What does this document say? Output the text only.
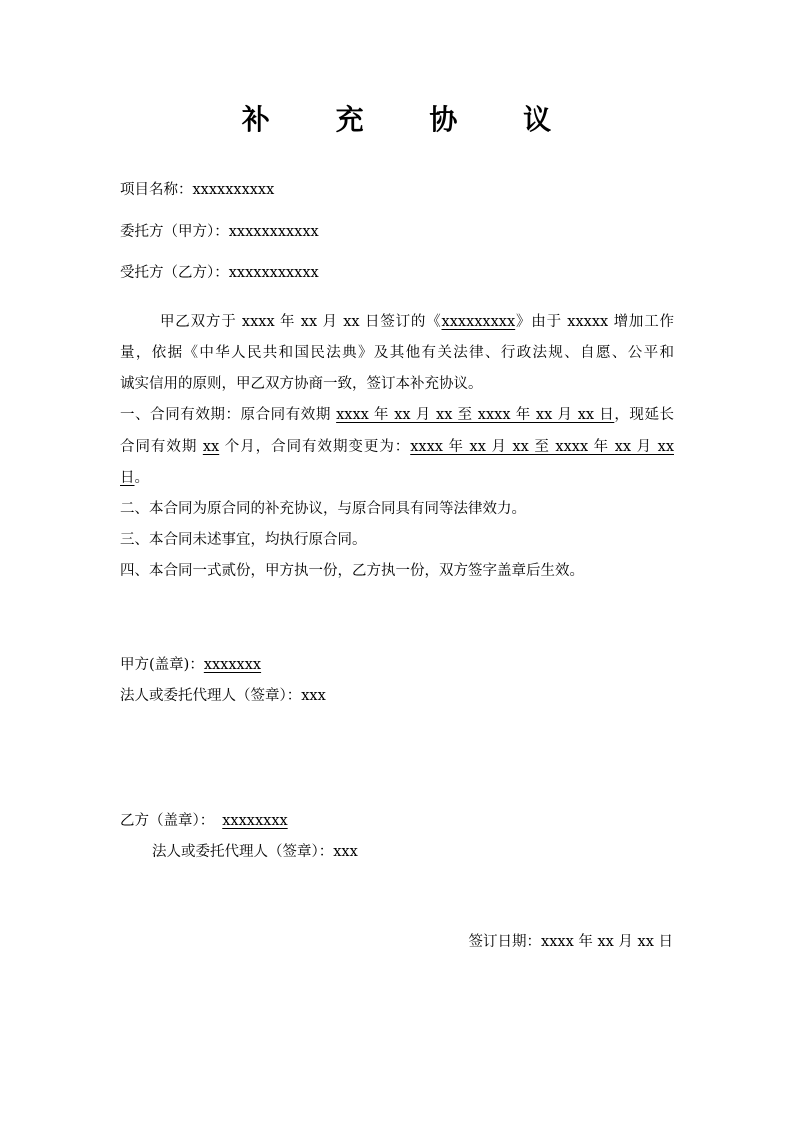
补 充 协 议
项目名称：xxxxxxxxxx
委托方（甲方）：xxxxxxxxxxx
受托方（乙方）：xxxxxxxxxxx
甲乙双方于 xxxx 年 xx 月 xx 日签订的《xxxxxxxxx》由于 xxxxx 增加工作
量，依据《中华人民共和国民法典》及其他有关法律、行政法规、自愿、公平和
诚实信用的原则，甲乙双方协商一致，签订本补充协议。
一、合同有效期：原合同有效期 xxxx 年 xx 月 xx 至 xxxx 年 xx 月 xx 日，现延长
合同有效期 xx 个月，合同有效期变更为：xxxx 年 xx 月 xx 至 xxxx 年 xx 月 xx
日。
二、本合同为原合同的补充协议，与原合同具有同等法律效力。
三、本合同未述事宜，均执行原合同。
四、本合同一式贰份，甲方执一份，乙方执一份，双方签字盖章后生效。
甲方(盖章)：xxxxxxx
法人或委托代理人（签章）：xxx
乙方（盖章）： xxxxxxxx
法人或委托代理人（签章）：xxx
签订日期：xxxx 年 xx 月 xx 日
